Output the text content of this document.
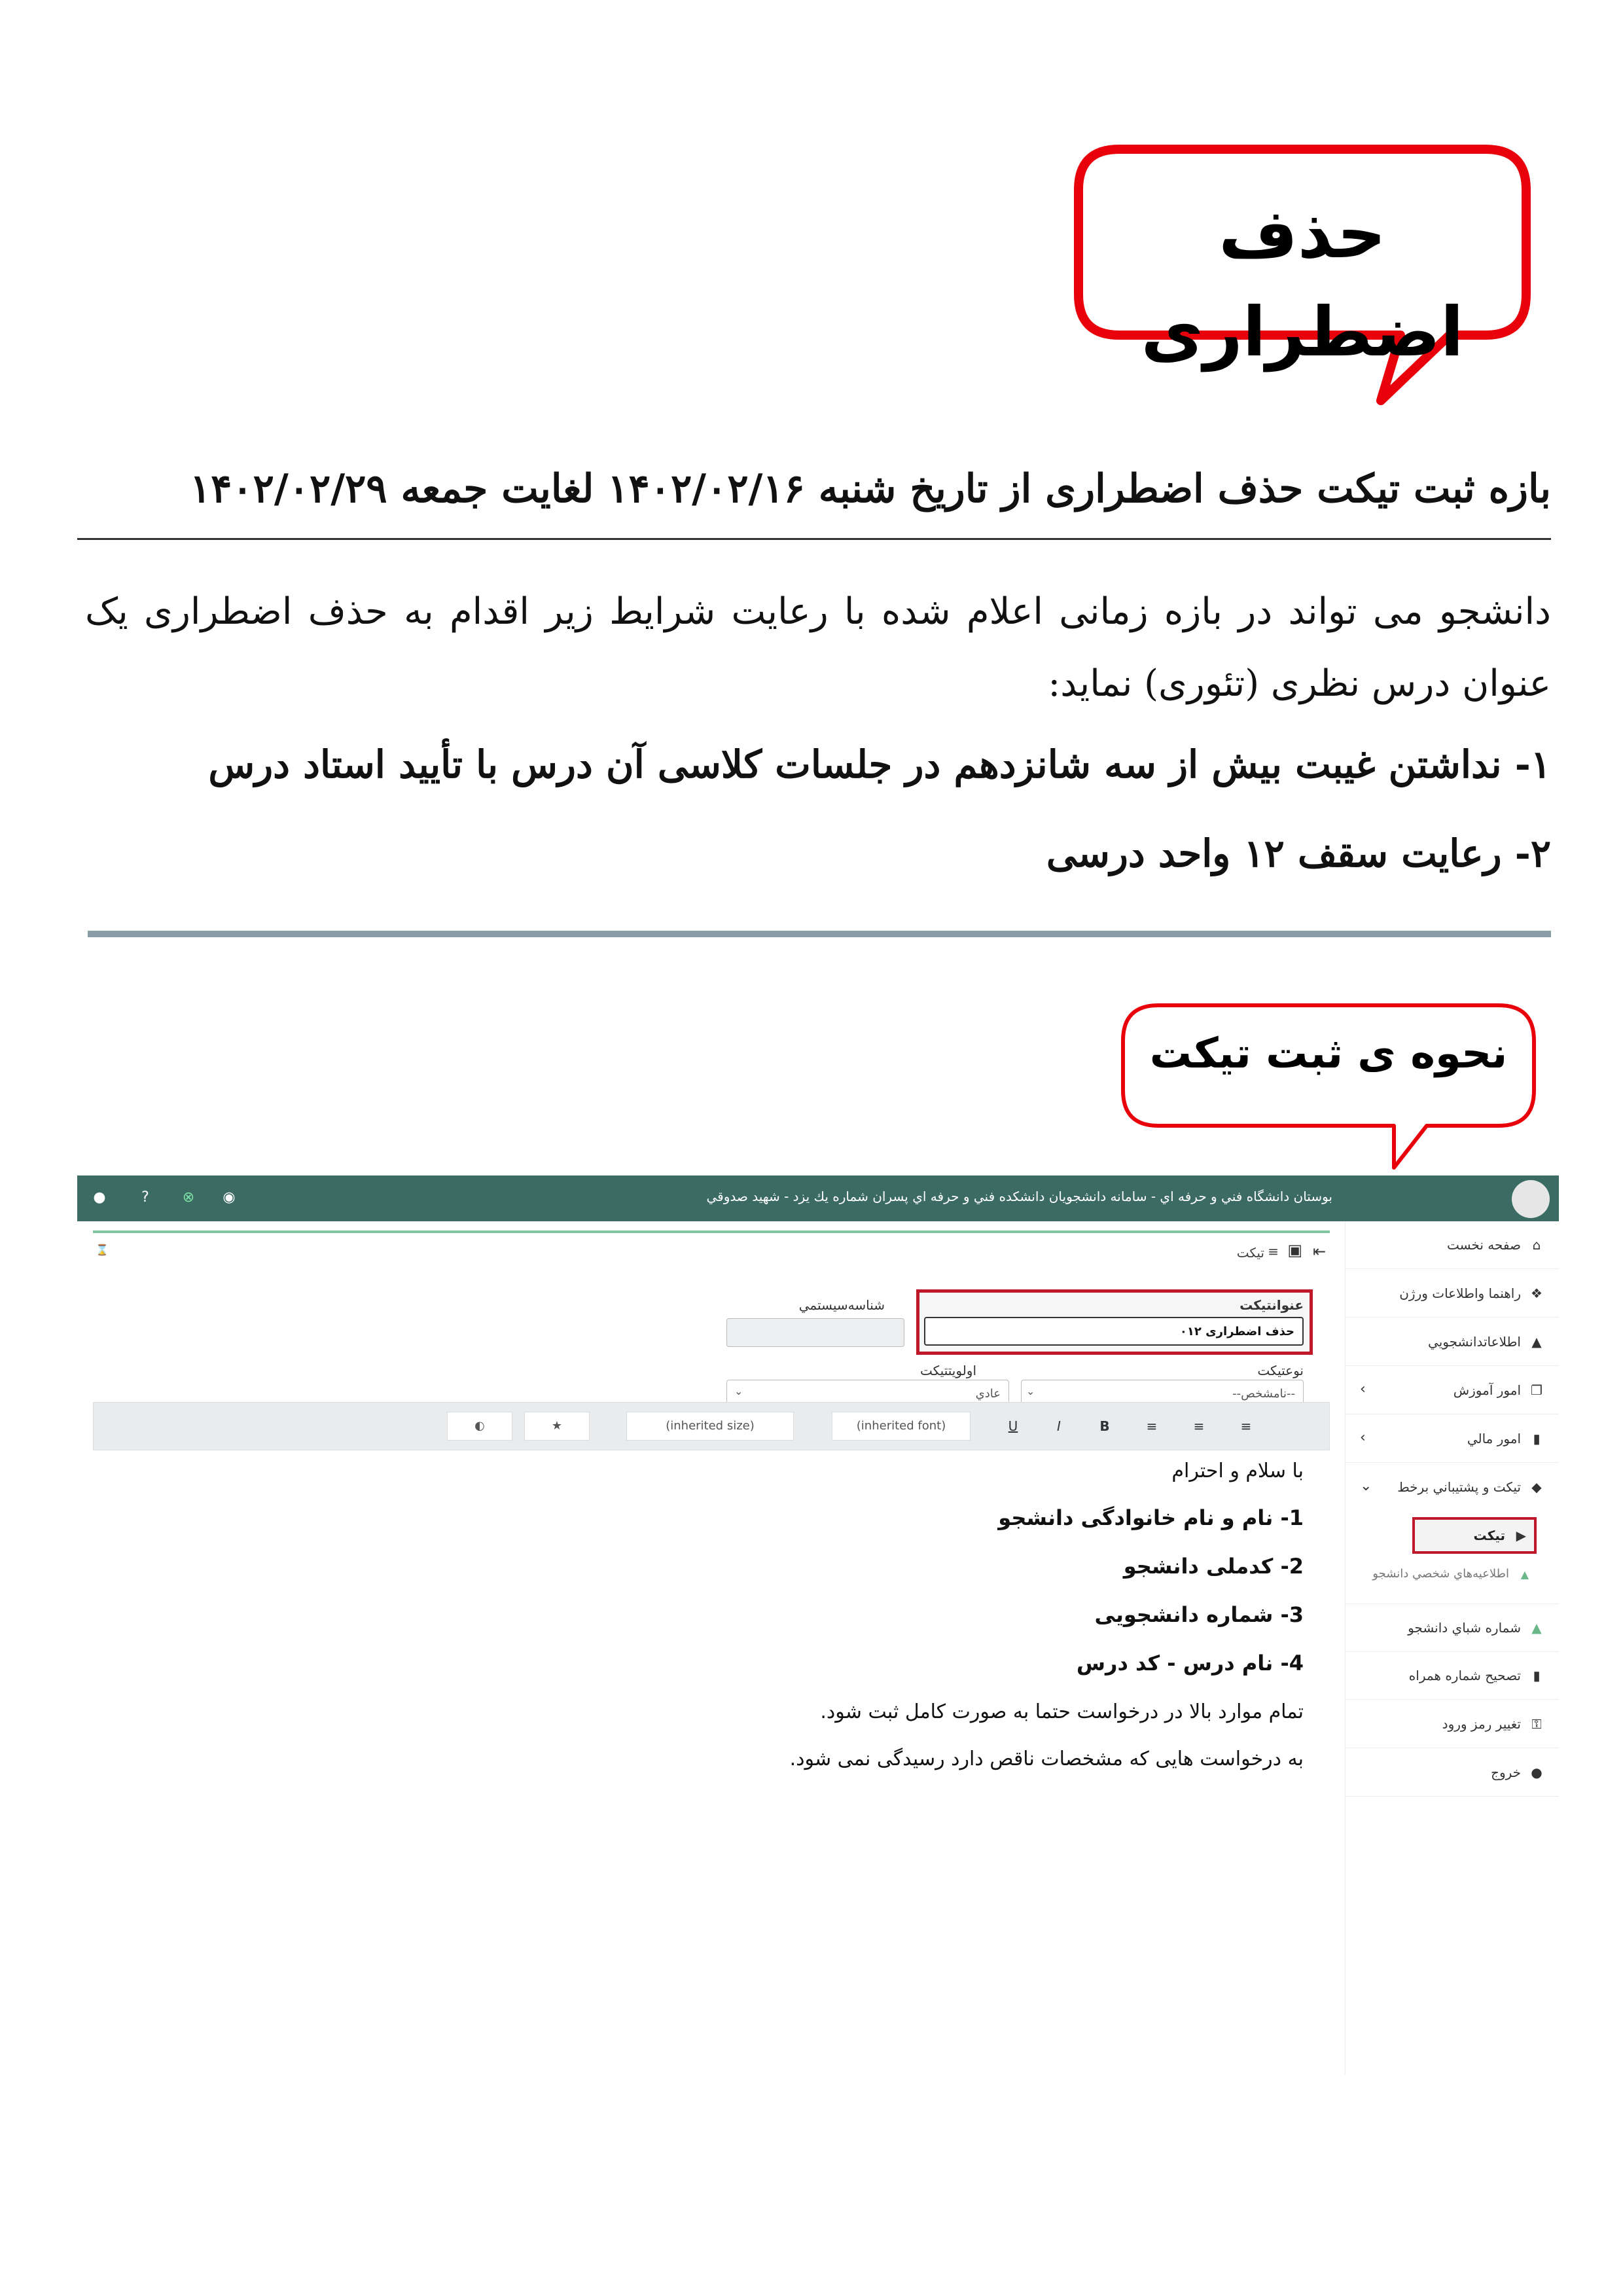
حذف اضطراری
بازه ثبت تیکت حذف اضطراری از تاریخ شنبه ۱۴۰۲/۰۲/۱۶ لغایت جمعه ۱۴۰۲/۰۲/۲۹
دانشجو می تواند در بازه زمانی اعلام شده با رعایت شرایط زیر اقدام به حذف اضطراری یک عنوان درس نظری (تئوری) نماید:
۱- نداشتن غیبت بیش از سه شانزدهم در جلسات کلاسی آن درس با تأیید استاد درس
۲- رعایت سقف ۱۲ واحد درسی
نحوه ی ثبت تیکت
بوستان دانشگاه فني و حرفه اي - سامانه دانشجويان دانشكده فني و حرفه اي پسران شماره يك يزد - شهيد صدوقي
●	?	⊗ ◉
⌂
صفحه نخست
❖
راهنما واطلاعات ورژن
▲
اطلاعاتدانشجويي
❐
امور آموزش
›
▮
امور مالي
›
◆
تيكت و پشتيباني برخط
⌄
▶
تيكت
▲
اطلاعيه‌هاي شخصي دانشجو
▲
شماره شباي دانشجو
▮
تصحيح شماره همراه
⚿
تغيير رمز ورود
●
خروج
⌛	⇤
▣
تيكت ≡
عنوانتيكت
حذف اضطراری ۰۱۲
شناسه‌سيستمي
نوعتيكت
--نامشخص--
⌄
اولويتتيكت
عادي
⌄
≡
≡
≡
B
I
U
(inherited font)
(inherited size)
★
◐
با سلام و احترام
1- نام و نام خانوادگی دانشجو
2- کدملی دانشجو
3- شماره دانشجویی
4- نام درس - کد درس
تمام موارد بالا در درخواست حتما به صورت کامل ثبت شود.
به درخواست هایی که مشخصات ناقص دارد رسیدگی نمی شود.
